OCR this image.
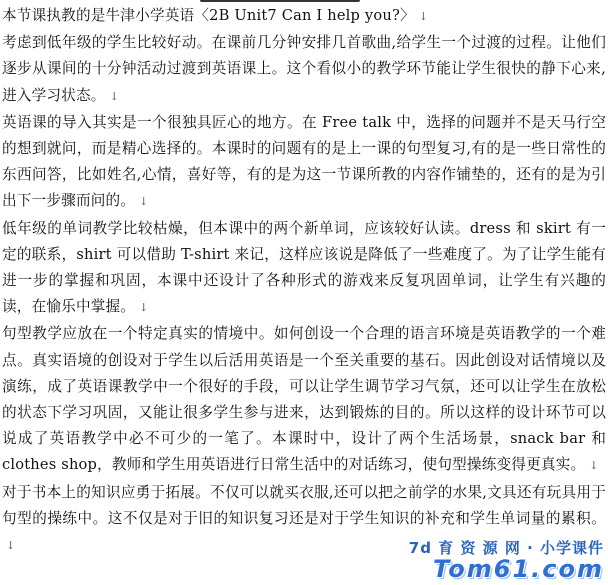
本节课执教的是牛津小学英语〈2B Unit7 Can I help you?〉 ↓

考虑到低年级的学生比较好动。在课前几分钟安排几首歌曲,给学生一个过渡的过程。让他们逐步从课间的十分钟活动过渡到英语课上。这个看似小的教学环节能让学生很快的静下心来,进入学习状态。 ↓

英语课的导入其实是一个很独具匠心的地方。在 Free talk 中，选择的问题并不是天马行空的想到就问，而是精心选择的。本课时的问题有的是上一课的句型复习,有的是一些日常性的东西问答，比如姓名,心情，喜好等，有的是为这一节课所教的内容作铺垫的，还有的是为引出下一步骤而问的。 ↓

低年级的单词教学比较枯燥，但本课中的两个新单词，应该较好认读。dress 和 skirt 有一定的联系，shirt 可以借助 T-shirt 来记，这样应该说是降低了一些难度了。为了让学生能有进一步的掌握和巩固，本课中还设计了各种形式的游戏来反复巩固单词，让学生有兴趣的读，在愉乐中掌握。 ↓

句型教学应放在一个特定真实的情境中。如何创设一个合理的语言环境是英语教学的一个难点。真实语境的创设对于学生以后活用英语是一个至关重要的基石。因此创设对话情境以及演练，成了英语课教学中一个很好的手段，可以让学生调节学习气氛，还可以让学生在放松的状态下学习巩固，又能让很多学生参与进来，达到锻炼的目的。所以这样的设计环节可以说成了英语教学中必不可少的一笔了。本课时中，设计了两个生活场景，snack bar 和 clothes shop，教师和学生用英语进行日常生活中的对话练习，使句型操练变得更真实。 ↓

对于书本上的知识应勇于拓展。不仅可以就买衣服,还可以把之前学的水果,文具还有玩具用于句型的操练中。这不仅是对于旧的知识复习还是对于学生知识的补充和学生单词量的累积。↓	7d 育 资 源 网 · 小学课件
Tom61.com
